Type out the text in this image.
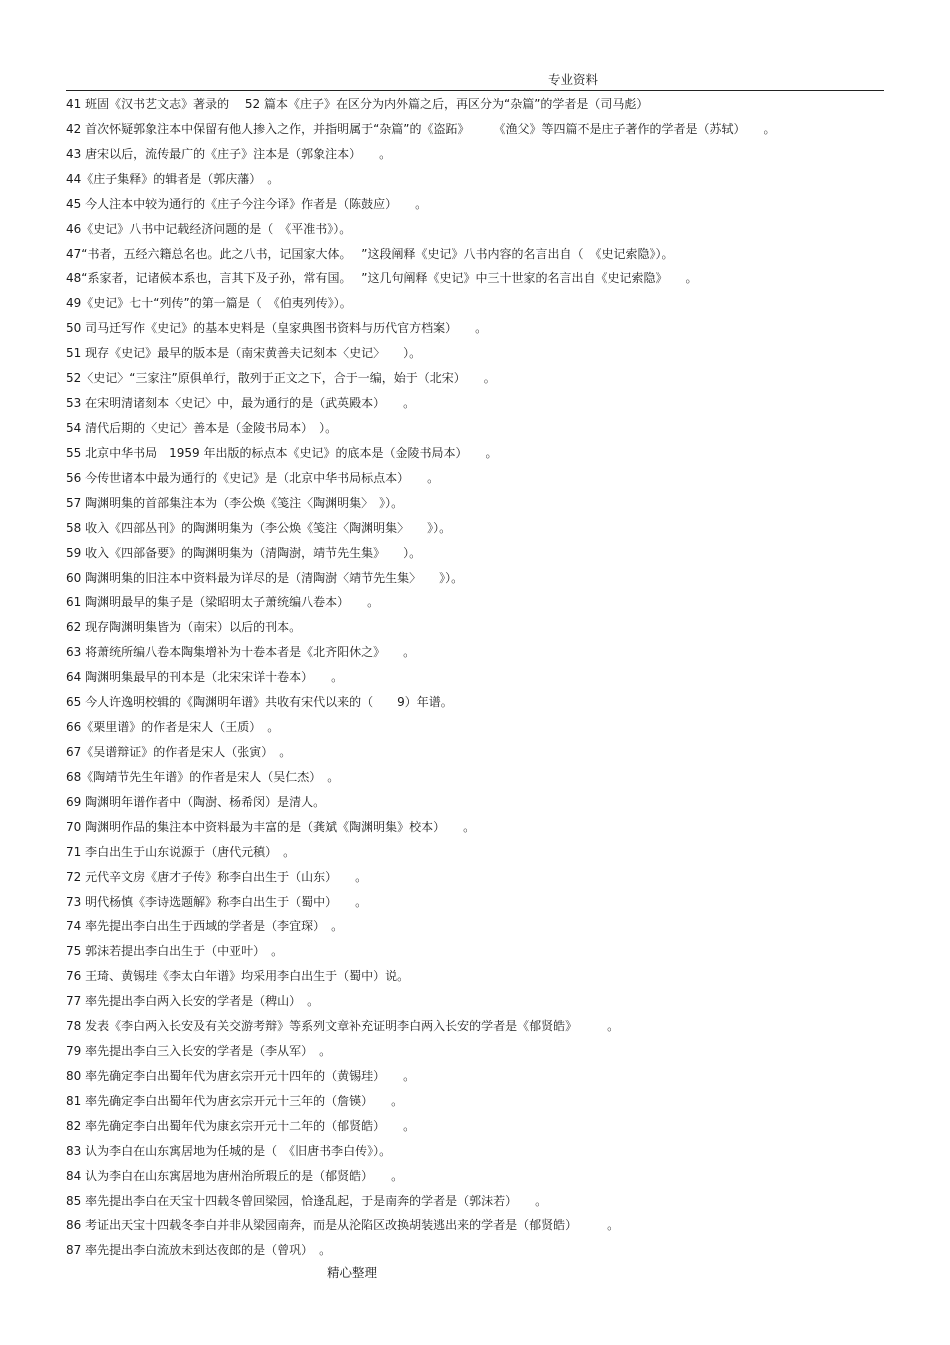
专业资料
41 班固《汉书艺文志》著录的　 52 篇本《庄子》在区分为内外篇之后，再区分为“杂篇”的学者是（司马彪）
42 首次怀疑郭象注本中保留有他人掺入之作，并指明属于“杂篇”的《盗跖》　　　《渔父》等四篇不是庄子著作的学者是（苏轼）　　。
43 唐宋以后，流传最广的《庄子》注本是（郭象注本）　　。
44《庄子集释》的辑者是（郭庆藩）　。
45 今人注本中较为通行的《庄子今注今译》作者是（陈鼓应）　　。
46《史记》八书中记载经济问题的是（　《平准书》）。
47“书者，五经六籍总名也。此之八书，记国家大体。　 ”这段阐释《史记》八书内容的名言出自（　《史记索隐》）。
48“系家者，记诸候本系也，言其下及子孙，常有国。　 ”这几句阐释《史记》中三十世家的名言出自《史记索隐》　　。
49《史记》七十“列传”的第一篇是（　《伯夷列传》）。
50 司马迁写作《史记》的基本史料是（皇家典图书资料与历代官方档案）　　。
51 现存《史记》最早的版本是（南宋黄善夫记刻本〈史记〉　　）。
52〈史记〉“三家注”原俱单行，散列于正文之下，合于一编，始于（北宋）　　。
53 在宋明清诸刻本〈史记〉中，最为通行的是（武英殿本）　　。
54 清代后期的〈史记〉善本是（金陵书局本）　）。
55 北京中华书局　1959 年出版的标点本《史记》的底本是（金陵书局本）　　。
56 今传世诸本中最为通行的《史记》是（北京中华书局标点本）　　。
57 陶渊明集的首部集注本为（李公焕《笺注〈陶渊明集〉　》）。
58 收入《四部丛刊》的陶渊明集为（李公焕《笺注〈陶渊明集〉　　》）。
59 收入《四部备要》的陶渊明集为（清陶澍，靖节先生集》　　）。
60 陶渊明集的旧注本中资料最为详尽的是（清陶澍〈靖节先生集〉　　》）。
61 陶渊明最早的集子是（梁昭明太子萧统编八卷本）　　。
62 现存陶渊明集皆为（南宋）以后的刊本。
63 将萧统所编八卷本陶集增补为十卷本者是《北齐阳休之》　　。
64 陶渊明集最早的刊本是（北宋宋详十卷本）　　。
65 今人许逸明校辑的《陶渊明年谱》共收有宋代以来的（　　9）年谱。
66《栗里谱》的作者是宋人（王质）　。
67《吴谱辩证》的作者是宋人（张寅）　。
68《陶靖节先生年谱》的作者是宋人（吴仁杰）　。
69 陶渊明年谱作者中（陶澍、杨希闵）是清人。
70 陶渊明作品的集注本中资料最为丰富的是（龚斌《陶渊明集》校本）　　。
71 李白出生于山东说源于（唐代元稹）　。
72 元代辛文房《唐才子传》称李白出生于（山东）　　。
73 明代杨慎《李诗选题解》称李白出生于（蜀中）　　。
74 率先提出李白出生于西域的学者是（李宜琛）　。
75 郭沫若提出李白出生于（中亚叶）　。
76 王琦、黄锡珪《李太白年谱》均采用李白出生于（蜀中）说。
77 率先提出李白两入长安的学者是（稗山）　。
78 发表《李白两入长安及有关交游考辩》等系列文章补充证明李白两入长安的学者是《郁贤皓》　　　。
79 率先提出李白三入长安的学者是（李从军）　。
80 率先确定李白出蜀年代为唐玄宗开元十四年的（黄锡珪）　　。
81 率先确定李白出蜀年代为唐玄宗开元十三年的（詹锳）　　。
82 率先确定李白出蜀年代为康玄宗开元十二年的（郁贤皓）　　。
83 认为李白在山东寓居地为任城的是（　《旧唐书李白传》）。
84 认为李白在山东寓居地为唐州治所瑕丘的是（郁贤皓）　　。
85 率先提出李白在天宝十四载冬曾回梁园，恰逢乱起，于是南奔的学者是（郭沫若）　　。
86 考证出天宝十四载冬李白并非从梁园南奔，而是从沦陷区改换胡装逃出来的学者是（郁贤皓）　　　。
87 率先提出李白流放未到达夜郎的是（曾巩）　。
精心整理
